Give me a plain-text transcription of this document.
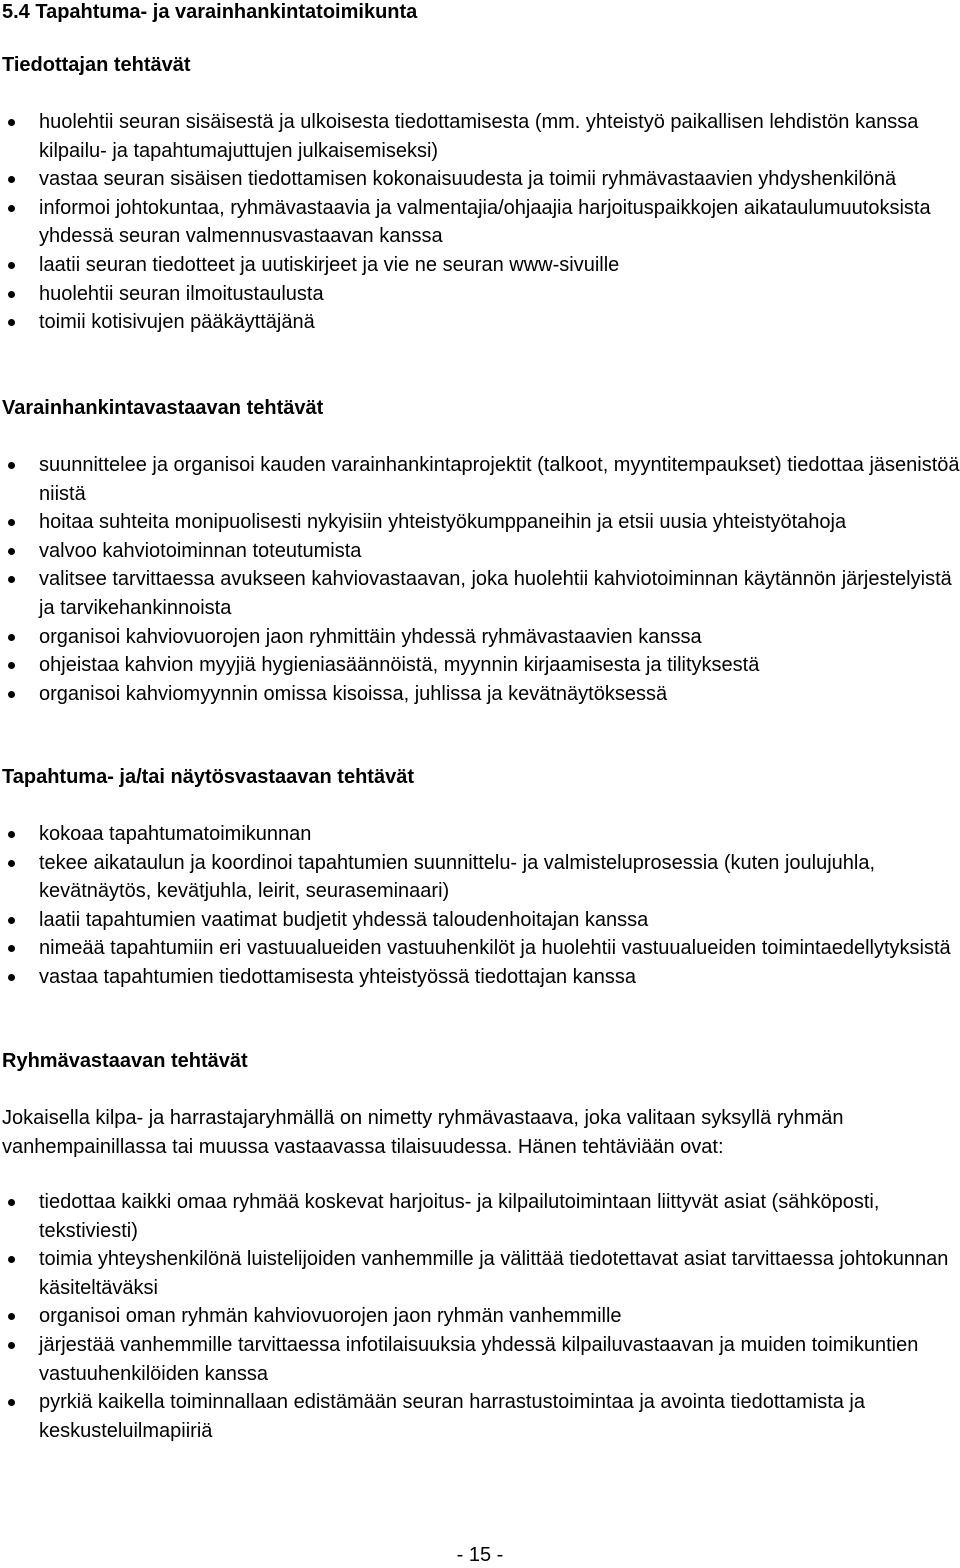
5.4 Tapahtuma- ja varainhankintatoimikunta
Tiedottajan tehtävät
huolehtii seuran sisäisestä ja ulkoisesta tiedottamisesta (mm. yhteistyö paikallisen lehdistön kanssa kilpailu- ja tapahtumajuttujen julkaisemiseksi)
vastaa seuran sisäisen tiedottamisen kokonaisuudesta ja toimii ryhmävastaavien yhdyshenkilönä
informoi johtokuntaa, ryhmävastaavia ja valmentajia/ohjaajia harjoituspaikkojen aikataulumuutoksista yhdessä seuran valmennusvastaavan kanssa
laatii seuran tiedotteet ja uutiskirjeet ja vie ne seuran www-sivuille
huolehtii seuran ilmoitustaulusta
toimii kotisivujen pääkäyttäjänä
Varainhankintavastaavan tehtävät
suunnittelee ja organisoi kauden varainhankintaprojektit (talkoot, myyntitempaukset) tiedottaa jäsenistöä niistä
hoitaa suhteita monipuolisesti nykyisiin yhteistyökumppaneihin ja etsii uusia yhteistyötahoja
valvoo kahviotoiminnan toteutumista
valitsee tarvittaessa avukseen kahviovastaavan, joka huolehtii kahviotoiminnan käytännön järjestelyistä ja tarvikehankinnoista
organisoi kahviovuorojen jaon ryhmittäin yhdessä ryhmävastaavien kanssa
ohjeistaa kahvion myyjiä hygieniasäännöistä, myynnin kirjaamisesta ja tilityksestä
organisoi kahviomyynnin omissa kisoissa, juhlissa ja kevätnäytöksessä
Tapahtuma- ja/tai näytösvastaavan tehtävät
kokoaa tapahtumatoimikunnan
tekee aikataulun ja koordinoi tapahtumien suunnittelu- ja valmisteluprosessia (kuten joulujuhla, kevätnäytös, kevätjuhla, leirit, seuraseminaari)
laatii tapahtumien vaatimat budjetit yhdessä taloudenhoitajan kanssa
nimeää tapahtumiin eri vastuualueiden vastuuhenkilöt ja huolehtii vastuualueiden toimintaedellytyksistä
vastaa tapahtumien tiedottamisesta yhteistyössä tiedottajan kanssa
Ryhmävastaavan tehtävät

Jokaisella kilpa- ja harrastajaryhmällä on nimetty ryhmävastaava, joka valitaan syksyllä ryhmän vanhempainillassa tai muussa vastaavassa tilaisuudessa. Hänen tehtäviään ovat:

tiedottaa kaikki omaa ryhmää koskevat harjoitus- ja kilpailutoimintaan liittyvät asiat (sähköposti, tekstiviesti)
toimia yhteyshenkilönä luistelijoiden vanhemmille ja välittää tiedotettavat asiat tarvittaessa johtokunnan käsiteltäväksi
organisoi oman ryhmän kahviovuorojen jaon ryhmän vanhemmille
järjestää vanhemmille tarvittaessa infotilaisuuksia yhdessä kilpailuvastaavan ja muiden toimikuntien vastuuhenkilöiden kanssa
pyrkiä kaikella toiminnallaan edistämään seuran harrastustoimintaa ja avointa tiedottamista ja keskusteluilmapiiriä
- 15 -
